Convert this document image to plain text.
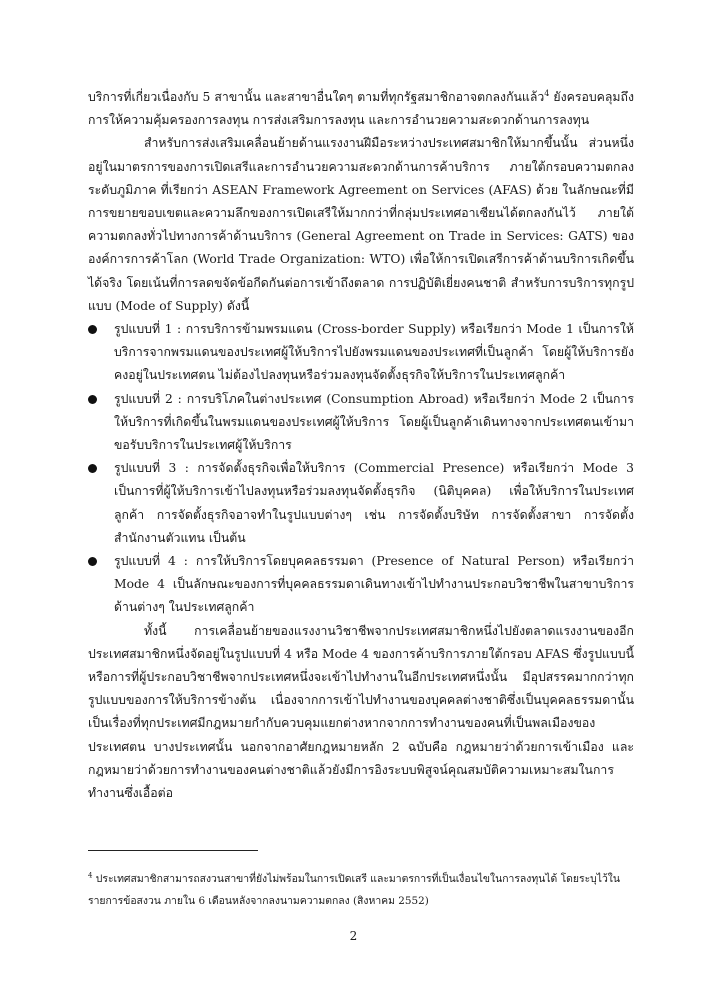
บริการที่เกี่ยวเนื่องกับ 5 สาขานั้น และสาขาอื่นใดๆ ตามที่ทุกรัฐสมาชิกอาจตกลงกันแล้ว$^4$ ยังครอบคลุมถึงการให้ความคุ้มครองการลงทุน การส่งเสริมการลงทุน และการอำนวยความสะดวกด้านการลงทุน

สำหรับการส่งเสริมเคลื่อนย้ายด้านแรงงานฝีมือระหว่างประเทศสมาชิกให้มากขึ้นนั้น ส่วนหนึ่งอยู่ในมาตรการของการเปิดเสรีและการอำนวยความสะดวกด้านการค้าบริการ ภายใต้กรอบความตกลงระดับภูมิภาค ที่เรียกว่า ASEAN Framework Agreement on Services (AFAS) ด้วย ในลักษณะที่มีการขยายขอบเขตและความลึกของการเปิดเสรีให้มากกว่าที่กลุ่มประเทศอาเซียนได้ตกลงกันไว้ ภายใต้ความตกลงทั่วไปทางการค้าด้านบริการ (General Agreement on Trade in Services: GATS) ขององค์การการค้าโลก (World Trade Organization: WTO) เพื่อให้การเปิดเสรีการค้าด้านบริการเกิดขึ้นได้จริง โดยเน้นที่การลดขจัดข้อกีดกันต่อการเข้าถึงตลาด การปฏิบัติเยี่ยงคนชาติ สำหรับการบริการทุกรูปแบบ (Mode of Supply) ดังนี้

รูปแบบที่ 1 : การบริการข้ามพรมแดน (Cross-border Supply) หรือเรียกว่า Mode 1 เป็นการให้บริการจากพรมแดนของประเทศผู้ให้บริการไปยังพรมแดนของประเทศที่เป็นลูกค้า โดยผู้ให้บริการยังคงอยู่ในประเทศตน ไม่ต้องไปลงทุนหรือร่วมลงทุนจัดตั้งธุรกิจให้บริการในประเทศลูกค้า
รูปแบบที่ 2 : การบริโภคในต่างประเทศ (Consumption Abroad) หรือเรียกว่า Mode 2 เป็นการให้บริการที่เกิดขึ้นในพรมแดนของประเทศผู้ให้บริการ โดยผู้เป็นลูกค้าเดินทางจากประเทศตนเข้ามาขอรับบริการในประเทศผู้ให้บริการ
รูปแบบที่ 3 : การจัดตั้งธุรกิจเพื่อให้บริการ (Commercial Presence) หรือเรียกว่า Mode 3 เป็นการที่ผู้ให้บริการเข้าไปลงทุนหรือร่วมลงทุนจัดตั้งธุรกิจ (นิติบุคคล) เพื่อให้บริการในประเทศลูกค้า การจัดตั้งธุรกิจอาจทำในรูปแบบต่างๆ เช่น การจัดตั้งบริษัท การจัดตั้งสาขา การจัดตั้งสำนักงานตัวแทน เป็นต้น
รูปแบบที่ 4 : การให้บริการโดยบุคคลธรรมดา (Presence of Natural Person) หรือเรียกว่า Mode 4 เป็นลักษณะของการที่บุคคลธรรมดาเดินทางเข้าไปทำงานประกอบวิชาชีพในสาขาบริการด้านต่างๆ ในประเทศลูกค้า

ทั้งนี้ การเคลื่อนย้ายของแรงงานวิชาชีพจากประเทศสมาชิกหนึ่งไปยังตลาดแรงงานของอีกประเทศสมาชิกหนึ่งจัดอยู่ในรูปแบบที่ 4 หรือ Mode 4 ของการค้าบริการภายใต้กรอบ AFAS ซึ่งรูปแบบนี้ หรือการที่ผู้ประกอบวิชาชีพจากประเทศหนึ่งจะเข้าไปทำงานในอีกประเทศหนึ่งนั้น มีอุปสรรคมากกว่าทุกรูปแบบของการให้บริการข้างต้น เนื่องจากการเข้าไปทำงานของบุคคลต่างชาติซึ่งเป็นบุคคลธรรมดานั้น เป็นเรื่องที่ทุกประเทศมีกฎหมายกำกับควบคุมแยกต่างหากจากการทำงานของคนที่เป็นพลเมืองของประเทศตน บางประเทศนั้น นอกจากอาศัยกฎหมายหลัก 2 ฉบับคือ กฎหมายว่าด้วยการเข้าเมือง และกฎหมายว่าด้วยการทำงานของคนต่างชาติแล้วยังมีการอิงระบบพิสูจน์คุณสมบัติความเหมาะสมในการทำงานซึ่งเอื้อต่อ

$^4$ ประเทศสมาชิกสามารถสงวนสาขาที่ยังไม่พร้อมในการเปิดเสรี และมาตรการที่เป็นเงื่อนไขในการลงทุนได้ โดยระบุไว้ในรายการข้อสงวน ภายใน 6 เดือนหลังจากลงนามความตกลง (สิงหาคม 2552)
2
